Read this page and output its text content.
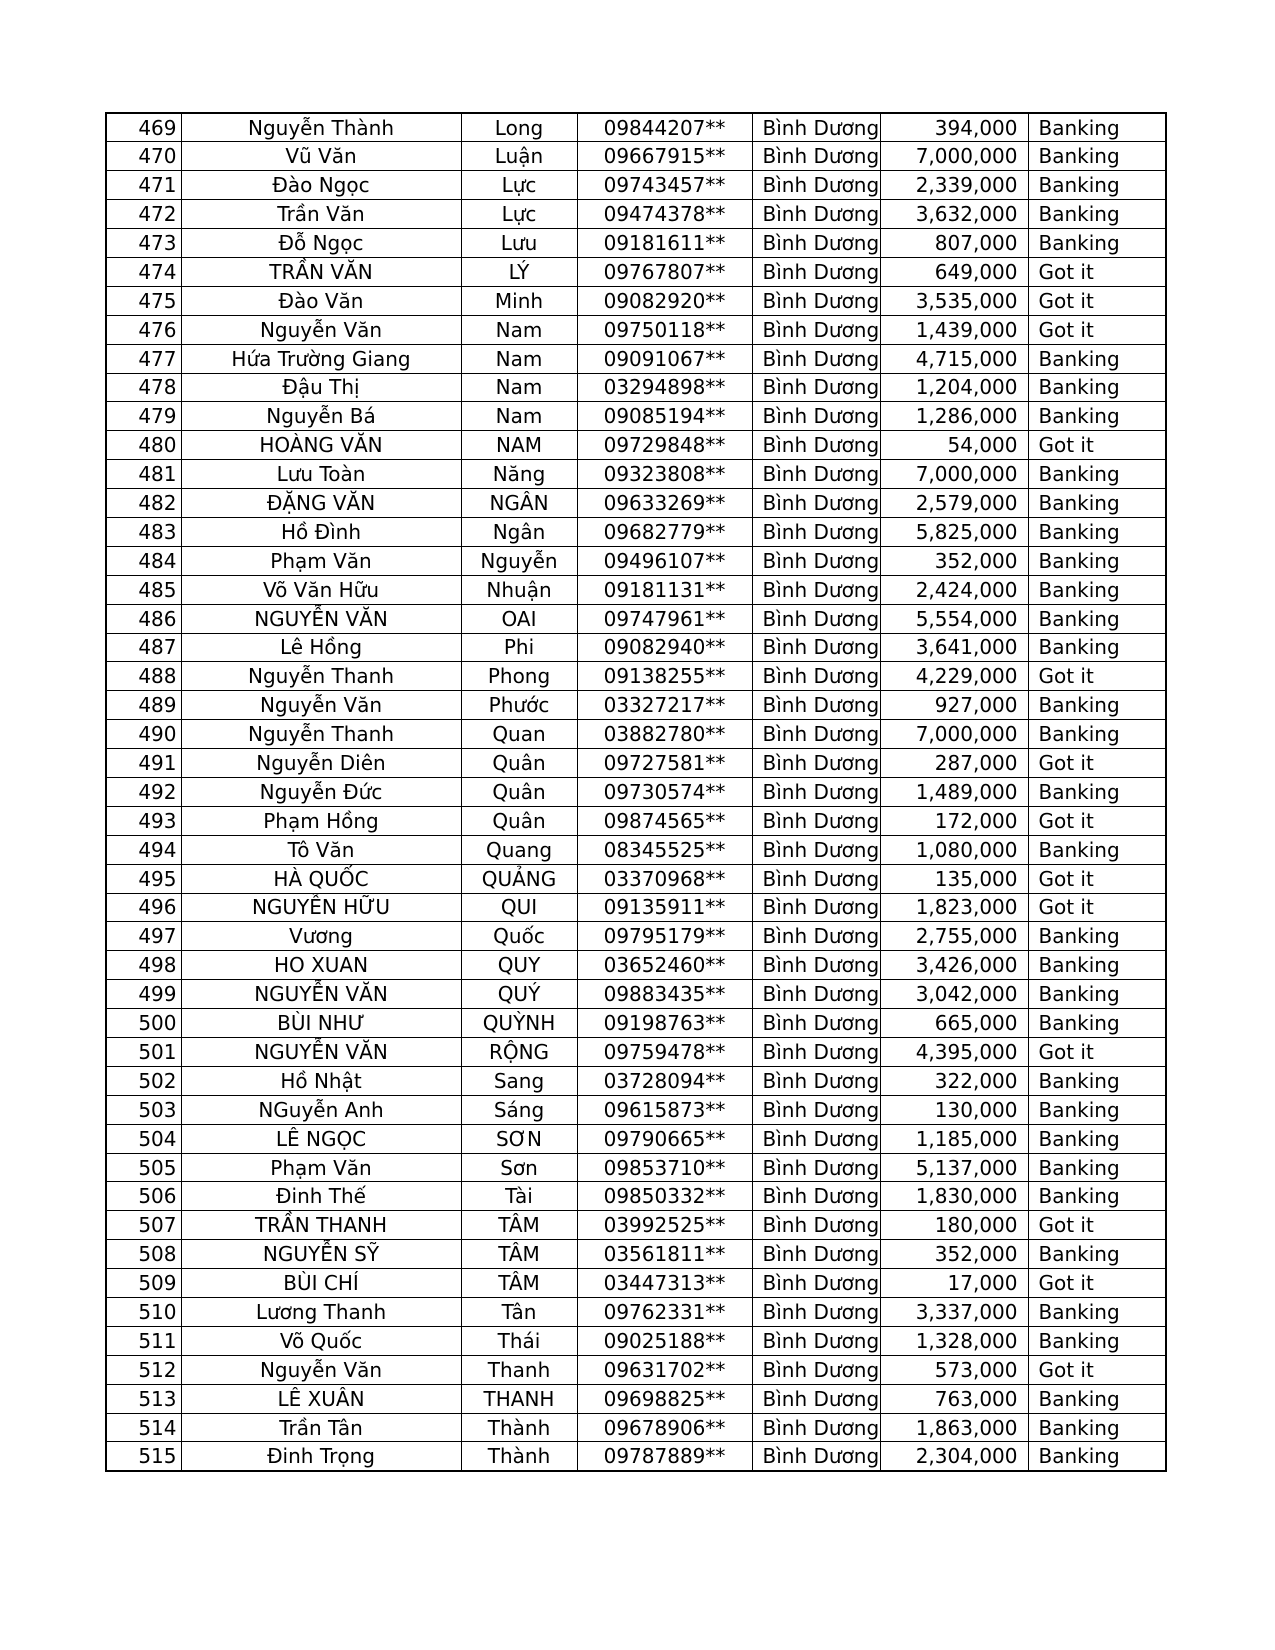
469	Nguyễn Thành	Long	09844207**	Bình Dương	394,000	Banking
470	Vũ Văn	Luận	09667915**	Bình Dương	7,000,000	Banking
471	Đào Ngọc	Lực	09743457**	Bình Dương	2,339,000	Banking
472	Trần Văn	Lực	09474378**	Bình Dương	3,632,000	Banking
473	Đỗ Ngọc	Lưu	09181611**	Bình Dương	807,000	Banking
474	TRẦN VĂN	LÝ	09767807**	Bình Dương	649,000	Got it
475	Đào Văn	Minh	09082920**	Bình Dương	3,535,000	Got it
476	Nguyễn Văn	Nam	09750118**	Bình Dương	1,439,000	Got it
477	Hứa Trường Giang	Nam	09091067**	Bình Dương	4,715,000	Banking
478	Đậu Thị	Nam	03294898**	Bình Dương	1,204,000	Banking
479	Nguyễn Bá	Nam	09085194**	Bình Dương	1,286,000	Banking
480	HOÀNG VĂN	NAM	09729848**	Bình Dương	54,000	Got it
481	Lưu Toàn	Năng	09323808**	Bình Dương	7,000,000	Banking
482	ĐẶNG VĂN	NGÂN	09633269**	Bình Dương	2,579,000	Banking
483	Hồ Đình	Ngân	09682779**	Bình Dương	5,825,000	Banking
484	Phạm Văn	Nguyễn	09496107**	Bình Dương	352,000	Banking
485	Võ Văn Hữu	Nhuận	09181131**	Bình Dương	2,424,000	Banking
486	NGUYỄN VĂN	OAI	09747961**	Bình Dương	5,554,000	Banking
487	Lê Hồng	Phi	09082940**	Bình Dương	3,641,000	Banking
488	Nguyễn Thanh	Phong	09138255**	Bình Dương	4,229,000	Got it
489	Nguyễn Văn	Phước	03327217**	Bình Dương	927,000	Banking
490	Nguyễn Thanh	Quan	03882780**	Bình Dương	7,000,000	Banking
491	Nguyễn Diên	Quân	09727581**	Bình Dương	287,000	Got it
492	Nguyễn Đức	Quân	09730574**	Bình Dương	1,489,000	Banking
493	Phạm Hồng	Quân	09874565**	Bình Dương	172,000	Got it
494	Tô Văn	Quang	08345525**	Bình Dương	1,080,000	Banking
495	HÀ QUỐC	QUẢNG	03370968**	Bình Dương	135,000	Got it
496	NGUYỄN HỮU	QUI	09135911**	Bình Dương	1,823,000	Got it
497	Vương	Quốc	09795179**	Bình Dương	2,755,000	Banking
498	HO XUAN	QUY	03652460**	Bình Dương	3,426,000	Banking
499	NGUYỄN VĂN	QUÝ	09883435**	Bình Dương	3,042,000	Banking
500	BÙI NHƯ	QUỲNH	09198763**	Bình Dương	665,000	Banking
501	NGUYỄN VĂN	RỘNG	09759478**	Bình Dương	4,395,000	Got it
502	Hồ Nhật	Sang	03728094**	Bình Dương	322,000	Banking
503	NGuyễn Anh	Sáng	09615873**	Bình Dương	130,000	Banking
504	LÊ NGỌC	SƠN	09790665**	Bình Dương	1,185,000	Banking
505	Phạm Văn	Sơn	09853710**	Bình Dương	5,137,000	Banking
506	Đinh Thế	Tài	09850332**	Bình Dương	1,830,000	Banking
507	TRẦN THANH	TÂM	03992525**	Bình Dương	180,000	Got it
508	NGUYỄN SỸ	TÂM	03561811**	Bình Dương	352,000	Banking
509	BÙI CHÍ	TÂM	03447313**	Bình Dương	17,000	Got it
510	Lương Thanh	Tân	09762331**	Bình Dương	3,337,000	Banking
511	Võ Quốc	Thái	09025188**	Bình Dương	1,328,000	Banking
512	Nguyễn Văn	Thanh	09631702**	Bình Dương	573,000	Got it
513	LÊ XUÂN	THANH	09698825**	Bình Dương	763,000	Banking
514	Trần Tân	Thành	09678906**	Bình Dương	1,863,000	Banking
515	Đinh Trọng	Thành	09787889**	Bình Dương	2,304,000	Banking
